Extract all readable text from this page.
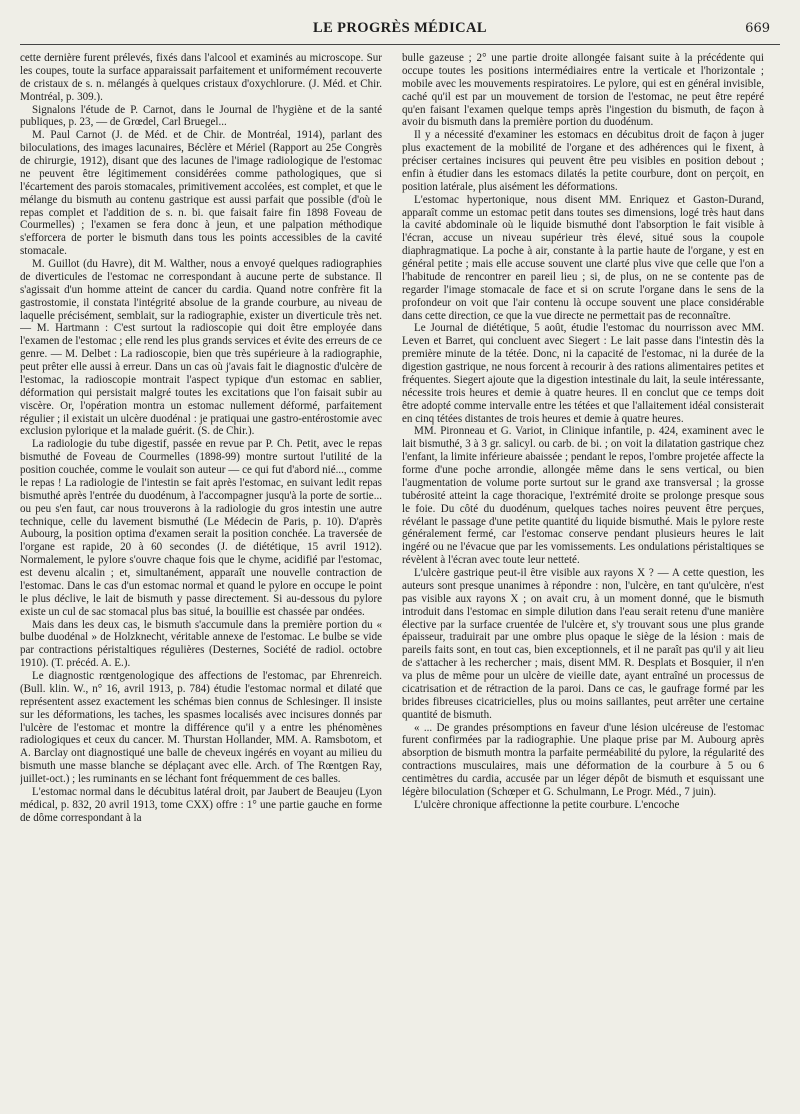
LE PROGRÈS MÉDICAL	669

cette dernière furent prélevés, fixés dans l'alcool et examinés au microscope. Sur les coupes, toute la surface apparaissait parfaitement et uniformément recouverte de cristaux de s. n. mélangés à quelques cristaux d'oxychlorure. (J. Méd. et Chir. Montréal, p. 309.).

Signalons l'étude de P. Carnot, dans le Journal de l'hygiène et de la santé publiques, p. 23, — de Grœdel, Carl Bruegel...

M. Paul Carnot (J. de Méd. et de Chir. de Montréal, 1914), parlant des biloculations, des images lacunaires, Béclère et Mériel (Rapport au 25e Congrès de chirurgie, 1912), disant que des lacunes de l'image radiologique de l'estomac ne peuvent être légitimement considérées comme pathologiques, que si l'écartement des parois stomacales, primitivement accolées, est complet, et que le mélange du bismuth au contenu gastrique est aussi parfait que possible (d'où le repas complet et l'addition de s. n. bi. que faisait faire fin 1898 Foveau de Courmelles) ; l'examen se fera donc à jeun, et une palpation méthodique s'efforcera de porter le bismuth dans tous les points accessibles de la cavité stomacale.

M. Guillot (du Havre), dit M. Walther, nous a envoyé quelques radiographies de diverticules de l'estomac ne correspondant à aucune perte de substance. Il s'agissait d'un homme atteint de cancer du cardia. Quand notre confrère fit la gastrostomie, il constata l'intégrité absolue de la grande courbure, au niveau de laquelle précisément, semblait, sur la radiographie, exister un diverticule très net. — M. Hartmann : C'est surtout la radioscopie qui doit être employée dans l'examen de l'estomac ; elle rend les plus grands services et évite des erreurs de ce genre. — M. Delbet : La radioscopie, bien que très supérieure à la radiographie, peut prêter elle aussi à erreur. Dans un cas où j'avais fait le diagnostic d'ulcère de l'estomac, la radioscopie montrait l'aspect typique d'un estomac en sablier, déformation qui persistait malgré toutes les excitations que l'on faisait subir au viscère. Or, l'opération montra un estomac nullement déformé, parfaitement régulier ; il existait un ulcère duodénal : je pratiquai une gastro-entérostomie avec exclusion pylorique et la malade guérit. (S. de Chir.).

La radiologie du tube digestif, passée en revue par P. Ch. Petit, avec le repas bismuthé de Foveau de Courmelles (1898-99) montre surtout l'utilité de la position couchée, comme le voulait son auteur — ce qui fut d'abord nié..., comme le repas ! La radiologie de l'intestin se fait après l'estomac, en suivant ledit repas bismuthé après l'entrée du duodénum, à l'accompagner jusqu'à la porte de sortie... ou peu s'en faut, car nous trouverons à la radiologie du gros intestin une autre technique, celle du lavement bismuthé (Le Médecin de Paris, p. 10). D'après Aubourg, la position optima d'examen serait la position conchée. La traversée de l'organe est rapide, 20 à 60 secondes (J. de diététique, 15 avril 1912). Normalement, le pylore s'ouvre chaque fois que le chyme, acidifié par l'estomac, est devenu alcalin ; et, simultanément, apparaît une nouvelle contraction de l'estomac. Dans le cas d'un estomac normal et quand le pylore en occupe le point le plus déclive, le lait de bismuth y passe directement. Si au-dessous du pylore existe un cul de sac stomacal plus bas situé, la bouillie est chassée par ondées.

Mais dans les deux cas, le bismuth s'accumule dans la première portion du « bulbe duodénal » de Holzknecht, véritable annexe de l'estomac. Le bulbe se vide par contractions péristaltiques régulières (Desternes, Société de radiol. octobre 1910). (T. précéd. A. E.).

Le diagnostic rœntgenologique des affections de l'estomac, par Ehrenreich. (Bull. klin. W., n° 16, avril 1913, p. 784) étudie l'estomac normal et dilaté que représentent assez exactement les schémas bien connus de Schlesinger. Il insiste sur les déformations, les taches, les spasmes localisés avec incisures donnés par l'ulcère de l'estomac et montre la différence qu'il y a entre les phénomènes radiologiques et ceux du cancer. M. Thurstan Hollander, MM. A. Ramsbotom, et A. Barclay ont diagnostiqué une balle de cheveux ingérés en voyant au milieu du bismuth une masse blanche se déplaçant avec elle. Arch. of The Rœntgen Ray, juillet-oct.) ; les ruminants en se léchant font fréquemment de ces balles.

L'estomac normal dans le décubitus latéral droit, par Jaubert de Beaujeu (Lyon médical, p. 832, 20 avril 1913, tome CXX) offre : 1° une partie gauche en forme de dôme correspondant à la

bulle gazeuse ; 2° une partie droite allongée faisant suite à la précédente qui occupe toutes les positions intermédiaires entre la verticale et l'horizontale ; mobile avec les mouvements respiratoires. Le pylore, qui est en général invisible, caché qu'il est par un mouvement de torsion de l'estomac, ne peut être repéré qu'en faisant l'examen quelque temps après l'ingestion du bismuth, de façon à avoir du bismuth dans la première portion du duodénum.

Il y a nécessité d'examiner les estomacs en décubitus droit de façon à juger plus exactement de la mobilité de l'organe et des adhérences qui le fixent, à préciser certaines incisures qui peuvent être peu visibles en position debout ; enfin à étudier dans les estomacs dilatés la petite courbure, dont on perçoit, en position latérale, plus aisément les déformations.

L'estomac hypertonique, nous disent MM. Enriquez et Gaston-Durand, apparaît comme un estomac petit dans toutes ses dimensions, logé très haut dans la cavité abdominale où le liquide bismuthé dont l'absorption le fait visible à l'écran, accuse un niveau supérieur très élevé, situé sous la coupole diaphragmatique. La poche à air, constante à la partie haute de l'organe, y est en général petite ; mais elle accuse souvent une clarté plus vive que celle que l'on a l'habitude de rencontrer en pareil lieu ; si, de plus, on ne se contente pas de regarder l'image stomacale de face et si on scrute l'organe dans le sens de la profondeur on voit que l'air contenu là occupe souvent une place considérable dans cette direction, ce que la vue directe ne permettait pas de reconnaître.

Le Journal de diététique, 5 août, étudie l'estomac du nourrisson avec MM. Leven et Barret, qui concluent avec Siegert : Le lait passe dans l'intestin dès la première minute de la tétée. Donc, ni la capacité de l'estomac, ni la durée de la digestion gastrique, ne nous forcent à recourir à des rations alimentaires petites et fréquentes. Siegert ajoute que la digestion intestinale du lait, la seule intéressante, nécessite trois heures et demie à quatre heures. Il en conclut que ce temps doit être adopté comme intervalle entre les tétées et que l'allaitement idéal consisterait en cinq tétées distantes de trois heures et demie à quatre heures.

MM. Pironneau et G. Variot, in Clinique infantile, p. 424, examinent avec le lait bismuthé, 3 à 3 gr. salicyl. ou carb. de bi. ; on voit la dilatation gastrique chez l'enfant, la limite inférieure abaissée ; pendant le repos, l'ombre projetée affecte la forme d'une poche arrondie, allongée même dans le sens vertical, ou bien l'augmentation de volume porte surtout sur le grand axe transversal ; la grosse tubérosité atteint la cage thoracique, l'extrémité droite se prolonge presque sous le foie. Du côté du duodénum, quelques taches noires peuvent être perçues, révélant le passage d'une petite quantité du liquide bismuthé. Mais le pylore reste généralement fermé, car l'estomac conserve pendant plusieurs heures le lait ingéré ou ne l'évacue que par les vomissements. Les ondulations péristaltiques se révèlent à l'écran avec toute leur netteté.

L'ulcère gastrique peut-il être visible aux rayons X ? — A cette question, les auteurs sont presque unanimes à répondre : non, l'ulcère, en tant qu'ulcère, n'est pas visible aux rayons X ; on avait cru, à un moment donné, que le bismuth introduit dans l'estomac en simple dilution dans l'eau serait retenu d'une manière élective par la surface cruentée de l'ulcère et, s'y trouvant sous une plus grande épaisseur, traduirait par une ombre plus opaque le siège de la lésion : mais de pareils faits sont, en tout cas, bien exceptionnels, et il ne paraît pas qu'il y ait lieu de s'attacher à les rechercher ; mais, disent MM. R. Desplats et Bosquier, il n'en va plus de même pour un ulcère de vieille date, ayant entraîné un processus de cicatrisation et de rétraction de la paroi. Dans ce cas, le gaufrage formé par les brides fibreuses cicatricielles, plus ou moins saillantes, peut arrêter une certaine quantité de bismuth.

« ... De grandes présomptions en faveur d'une lésion ulcéreuse de l'estomac furent confirmées par la radiographie. Une plaque prise par M. Aubourg après absorption de bismuth montra la parfaite perméabilité du pylore, la régularité des contractions musculaires, mais une déformation de la courbure à 5 ou 6 centimètres du cardia, accusée par un léger dépôt de bismuth et esquissant une légère biloculation (Schœper et G. Schulmann, Le Progr. Méd., 7 juin).

L'ulcère chronique affectionne la petite courbure. L'encoche
